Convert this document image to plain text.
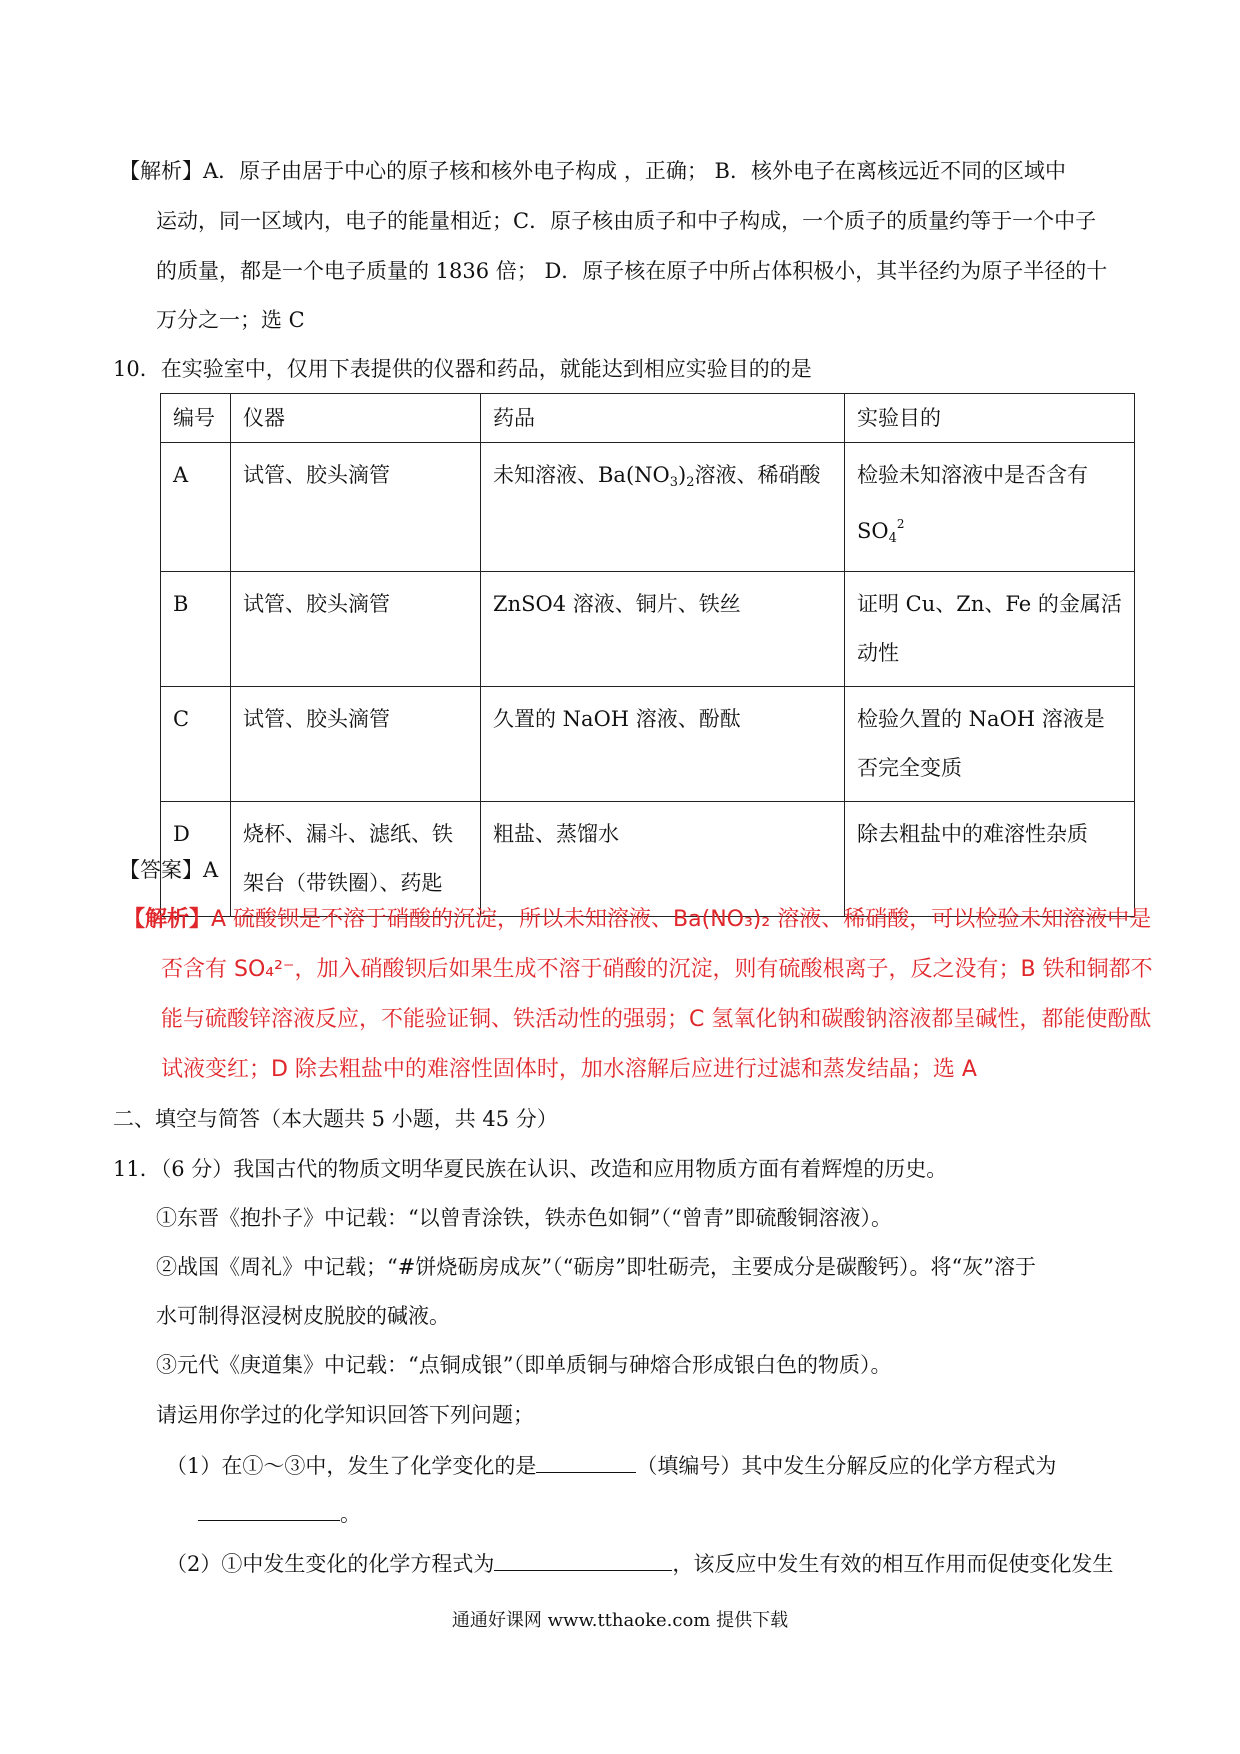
【解析】A．原子由居于中心的原子核和核外电子构成 ，正确； B．核外电子在离核远近不同的区域中
运动，同一区域内，电子的能量相近；C．原子核由质子和中子构成，一个质子的质量约等于一个中子
的质量，都是一个电子质量的 1836 倍； D．原子核在原子中所占体积极小，其半径约为原子半径的十
万分之一；选 C
10．在实验室中，仅用下表提供的仪器和药品，就能达到相应实验目的的是
编号	仪器	药品	实验目的
A	试管、胶头滴管	未知溶液、$Ba(NO_3)_2$溶液、稀硝酸	检验未知溶液中是否含有
$SO_4^2$
B	试管、胶头滴管	ZnSO4 溶液、铜片、铁丝	证明 Cu、Zn、Fe 的金属活动性
C	试管、胶头滴管	久置的 NaOH 溶液、酚酞	检验久置的 NaOH 溶液是否完全变质
D	烧杯、漏斗、滤纸、铁架台（带铁圈）、药匙	粗盐、蒸馏水	除去粗盐中的难溶性杂质
【答案】A
【解析】A 硫酸钡是不溶于硝酸的沉淀，所以未知溶液、Ba(NO₃)₂ 溶液、稀硝酸，可以检验未知溶液中是
否含有 SO₄²⁻，加入硝酸钡后如果生成不溶于硝酸的沉淀，则有硫酸根离子，反之没有；B 铁和铜都不
能与硫酸锌溶液反应，不能验证铜、铁活动性的强弱；C 氢氧化钠和碳酸钠溶液都呈碱性，都能使酚酞
试液变红；D 除去粗盐中的难溶性固体时，加水溶解后应进行过滤和蒸发结晶；选 A
二、填空与简答（本大题共 5 小题，共 45 分）
11．（6 分）我国古代的物质文明华夏民族在认识、改造和应用物质方面有着辉煌的历史。
①东晋《抱扑子》中记载：“以曾青涂铁，铁赤色如铜”（“曾青”即硫酸铜溶液）。
②战国《周礼》中记载；“#饼烧砺房成灰”（“砺房”即牡砺壳，主要成分是碳酸钙）。将“灰”溶于
水可制得沤浸树皮脱胶的碱液。
③元代《庚道集》中记载：“点铜成银”（即单质铜与砷熔合形成银白色的物质）。
请运用你学过的化学知识回答下列问题；
（1）在①～③中，发生了化学变化的是	（填编号）其中发生分解反应的化学方程式为
。
（2）①中发生变化的化学方程式为	，该反应中发生有效的相互作用而促使变化发生
通通好课网 www.tthaoke.com 提供下载
